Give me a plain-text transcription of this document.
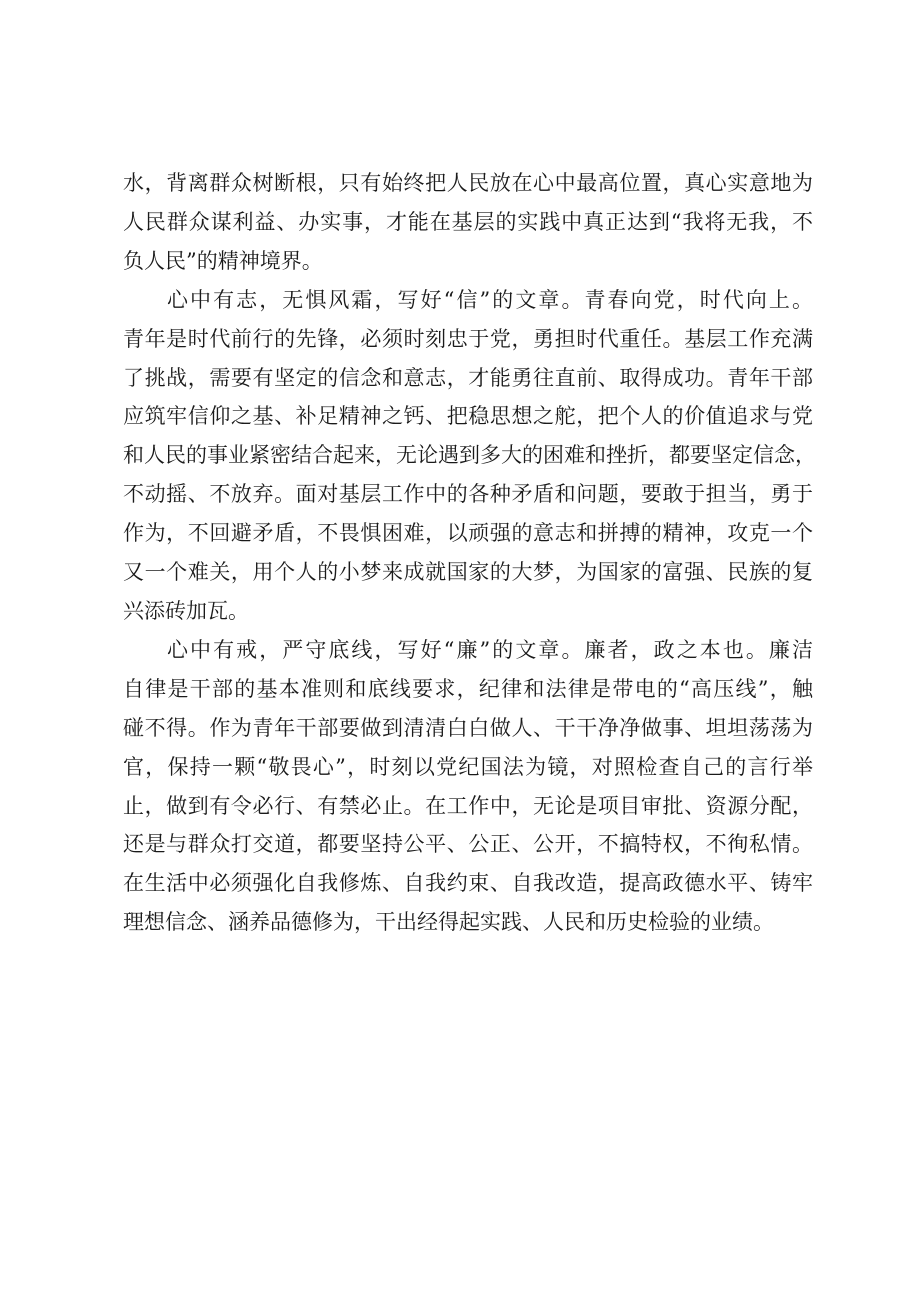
水，背离群众树断根，只有始终把人民放在心中最高位置，真心实意地为
人民群众谋利益、办实事，才能在基层的实践中真正达到“我将无我，不
负人民”的精神境界。

心中有志，无惧风霜，写好“信”的文章。青春向党，时代向上。
青年是时代前行的先锋，必须时刻忠于党，勇担时代重任。基层工作充满
了挑战，需要有坚定的信念和意志，才能勇往直前、取得成功。青年干部
应筑牢信仰之基、补足精神之钙、把稳思想之舵，把个人的价值追求与党
和人民的事业紧密结合起来，无论遇到多大的困难和挫折，都要坚定信念，
不动摇、不放弃。面对基层工作中的各种矛盾和问题，要敢于担当，勇于
作为，不回避矛盾，不畏惧困难，以顽强的意志和拼搏的精神，攻克一个
又一个难关，用个人的小梦来成就国家的大梦，为国家的富强、民族的复
兴添砖加瓦。

心中有戒，严守底线，写好“廉”的文章。廉者，政之本也。廉洁
自律是干部的基本准则和底线要求，纪律和法律是带电的“高压线”，触
碰不得。作为青年干部要做到清清白白做人、干干净净做事、坦坦荡荡为
官，保持一颗“敬畏心”，时刻以党纪国法为镜，对照检查自己的言行举
止，做到有令必行、有禁必止。在工作中，无论是项目审批、资源分配，
还是与群众打交道，都要坚持公平、公正、公开，不搞特权，不徇私情。
在生活中必须强化自我修炼、自我约束、自我改造，提高政德水平、铸牢
理想信念、涵养品德修为，干出经得起实践、人民和历史检验的业绩。
